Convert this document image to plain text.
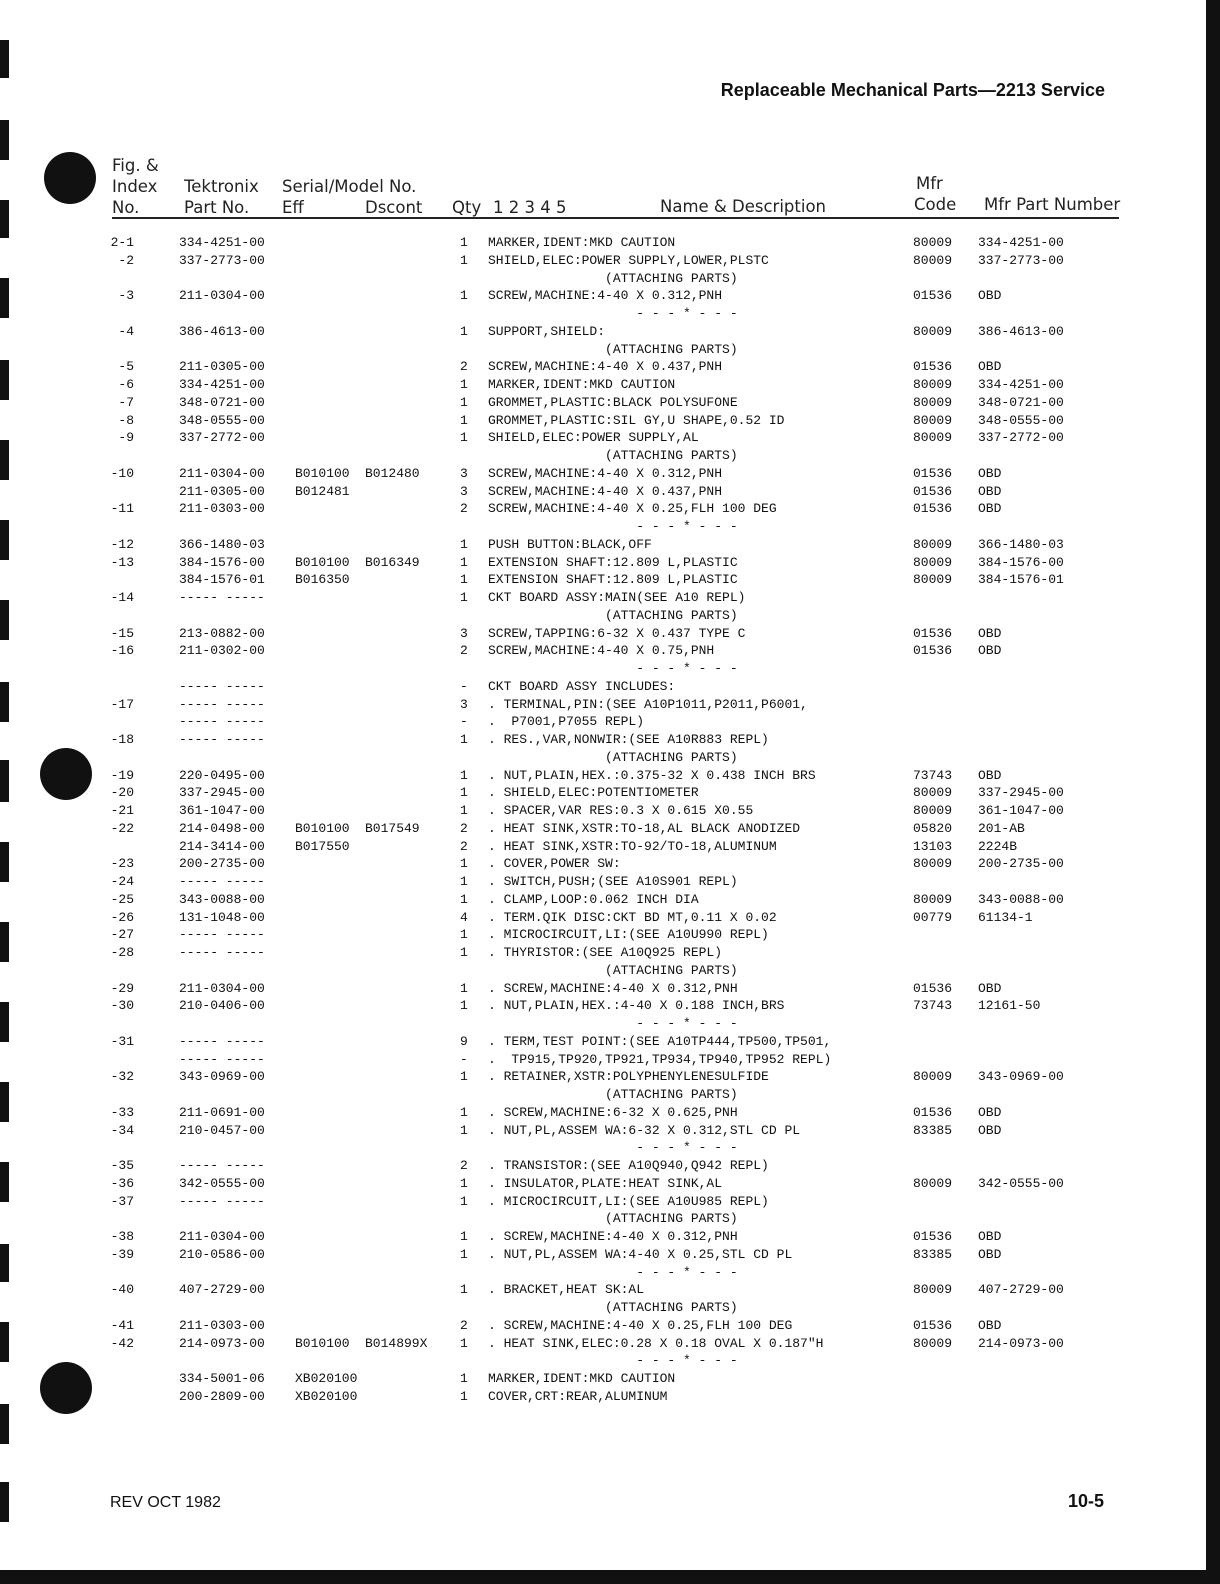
Replaceable Mechanical Parts—2213 Service
Fig. &
Index
No.
Tektronix
Part No.
Serial/Model No.
Eff	Dscont Qty 1 2 3 4 5	Name & Description
Mfr
Code Mfr Part Number
2-1	334-4251-00	1 MARKER,IDENT:MKD CAUTION	80009 334-4251-00
-2	337-2773-00	1 SHIELD,ELEC:POWER SUPPLY,LOWER,PLSTC	80009 337-2773-00
(ATTACHING PARTS)
-3	211-0304-00	1 SCREW,MACHINE:4-40 X 0.312,PNH	01536 OBD
- - - * - - -
-4	386-4613-00	1 SUPPORT,SHIELD:	80009 386-4613-00
(ATTACHING PARTS)
-5	211-0305-00	2 SCREW,MACHINE:4-40 X 0.437,PNH	01536 OBD
-6	334-4251-00	1 MARKER,IDENT:MKD CAUTION	80009 334-4251-00
-7	348-0721-00	1 GROMMET,PLASTIC:BLACK POLYSUFONE	80009 348-0721-00
-8	348-0555-00	1 GROMMET,PLASTIC:SIL GY,U SHAPE,0.52 ID	80009 348-0555-00
-9	337-2772-00	1 SHIELD,ELEC:POWER SUPPLY,AL	80009 337-2772-00
(ATTACHING PARTS)
-10	211-0304-00 B010100 B012480	3 SCREW,MACHINE:4-40 X 0.312,PNH	01536 OBD
211-0305-00 B012481	3 SCREW,MACHINE:4-40 X 0.437,PNH	01536 OBD
-11	211-0303-00	2 SCREW,MACHINE:4-40 X 0.25,FLH 100 DEG	01536 OBD
- - - * - - -
-12	366-1480-03	1 PUSH BUTTON:BLACK,OFF	80009 366-1480-03
-13	384-1576-00 B010100 B016349	1 EXTENSION SHAFT:12.809 L,PLASTIC	80009 384-1576-00
384-1576-01 B016350	1 EXTENSION SHAFT:12.809 L,PLASTIC	80009 384-1576-01
-14	----- -----	1 CKT BOARD ASSY:MAIN(SEE A10 REPL)
(ATTACHING PARTS)
-15	213-0882-00	3 SCREW,TAPPING:6-32 X 0.437 TYPE C	01536 OBD
-16	211-0302-00	2 SCREW,MACHINE:4-40 X 0.75,PNH	01536 OBD
- - - * - - -
----- -----	- CKT BOARD ASSY INCLUDES:
-17	----- -----	3 . TERMINAL,PIN:(SEE A10P1011,P2011,P6001,
----- -----	- .  P7001,P7055 REPL)
-18	----- -----	1 . RES.,VAR,NONWIR:(SEE A10R883 REPL)
(ATTACHING PARTS)
-19	220-0495-00	1 . NUT,PLAIN,HEX.:0.375-32 X 0.438 INCH BRS	73743 OBD
-20	337-2945-00	1 . SHIELD,ELEC:POTENTIOMETER	80009 337-2945-00
-21	361-1047-00	1 . SPACER,VAR RES:0.3 X 0.615 X0.55	80009 361-1047-00
-22	214-0498-00 B010100 B017549	2 . HEAT SINK,XSTR:TO-18,AL BLACK ANODIZED	05820 201-AB
214-3414-00 B017550	2 . HEAT SINK,XSTR:TO-92/TO-18,ALUMINUM	13103 2224B
-23	200-2735-00	1 . COVER,POWER SW:	80009 200-2735-00
-24	----- -----	1 . SWITCH,PUSH;(SEE A10S901 REPL)
-25	343-0088-00	1 . CLAMP,LOOP:0.062 INCH DIA	80009 343-0088-00
-26	131-1048-00	4 . TERM.QIK DISC:CKT BD MT,0.11 X 0.02	00779 61134-1
-27	----- -----	1 . MICROCIRCUIT,LI:(SEE A10U990 REPL)
-28	----- -----	1 . THYRISTOR:(SEE A10Q925 REPL)
(ATTACHING PARTS)
-29	211-0304-00	1 . SCREW,MACHINE:4-40 X 0.312,PNH	01536 OBD
-30	210-0406-00	1 . NUT,PLAIN,HEX.:4-40 X 0.188 INCH,BRS	73743 12161-50
- - - * - - -
-31	----- -----	9 . TERM,TEST POINT:(SEE A10TP444,TP500,TP501,
----- -----	- .  TP915,TP920,TP921,TP934,TP940,TP952 REPL)
-32	343-0969-00	1 . RETAINER,XSTR:POLYPHENYLENESULFIDE	80009 343-0969-00
(ATTACHING PARTS)
-33	211-0691-00	1 . SCREW,MACHINE:6-32 X 0.625,PNH	01536 OBD
-34	210-0457-00	1 . NUT,PL,ASSEM WA:6-32 X 0.312,STL CD PL	83385 OBD
- - - * - - -
-35	----- -----	2 . TRANSISTOR:(SEE A10Q940,Q942 REPL)
-36	342-0555-00	1 . INSULATOR,PLATE:HEAT SINK,AL	80009 342-0555-00
-37	----- -----	1 . MICROCIRCUIT,LI:(SEE A10U985 REPL)
(ATTACHING PARTS)
-38	211-0304-00	1 . SCREW,MACHINE:4-40 X 0.312,PNH	01536 OBD
-39	210-0586-00	1 . NUT,PL,ASSEM WA:4-40 X 0.25,STL CD PL	83385 OBD
- - - * - - -
-40	407-2729-00	1 . BRACKET,HEAT SK:AL	80009 407-2729-00
(ATTACHING PARTS)
-41	211-0303-00	2 . SCREW,MACHINE:4-40 X 0.25,FLH 100 DEG	01536 OBD
-42	214-0973-00 B010100 B014899X	1 . HEAT SINK,ELEC:0.28 X 0.18 OVAL X 0.187"H	80009 214-0973-00
- - - * - - -
334-5001-06 XB020100	1 MARKER,IDENT:MKD CAUTION
200-2809-00 XB020100	1 COVER,CRT:REAR,ALUMINUM
REV OCT 1982	10-5
